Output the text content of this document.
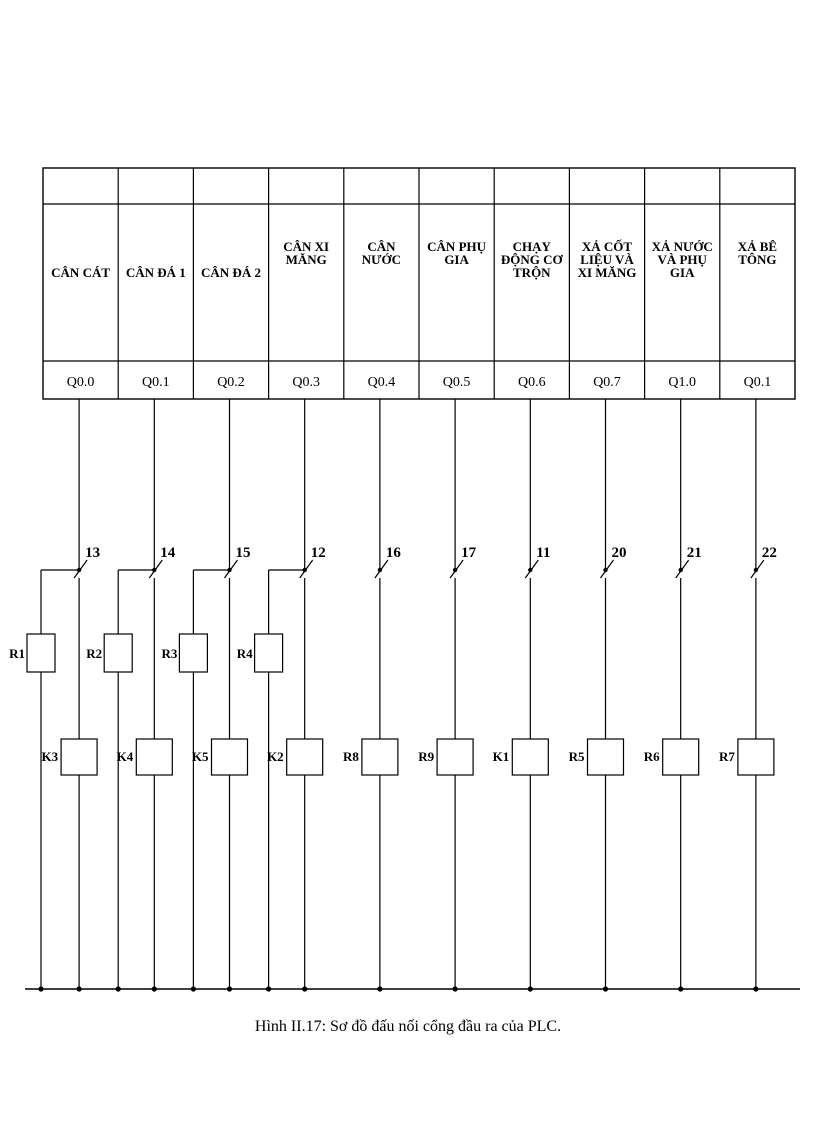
CÂN CÁT
Q0.0
CÂN ĐÁ 1
Q0.1
CÂN ĐÁ 2
Q0.2
CÂN XI
MĂNG
Q0.3
CÂN
NƯỚC
Q0.4
CÂN PHỤ
GIA
Q0.5
CHẠY
ĐỘNG CƠ
TRỘN
Q0.6
XẢ CỐT
LIỆU VÀ
XI MĂNG
Q0.7
XẢ NƯỚC
VÀ PHỤ
GIA
Q1.0
XẢ BÊ
TÔNG
Q0.1
13
K3
R1
14
K4
R2
15
K5
R3
12
K2
R4
16
R8
17
R9
11
K1
20
R5
21
R6
22
R7
Hình II.17: Sơ đồ đấu nối cổng đầu ra của PLC.
